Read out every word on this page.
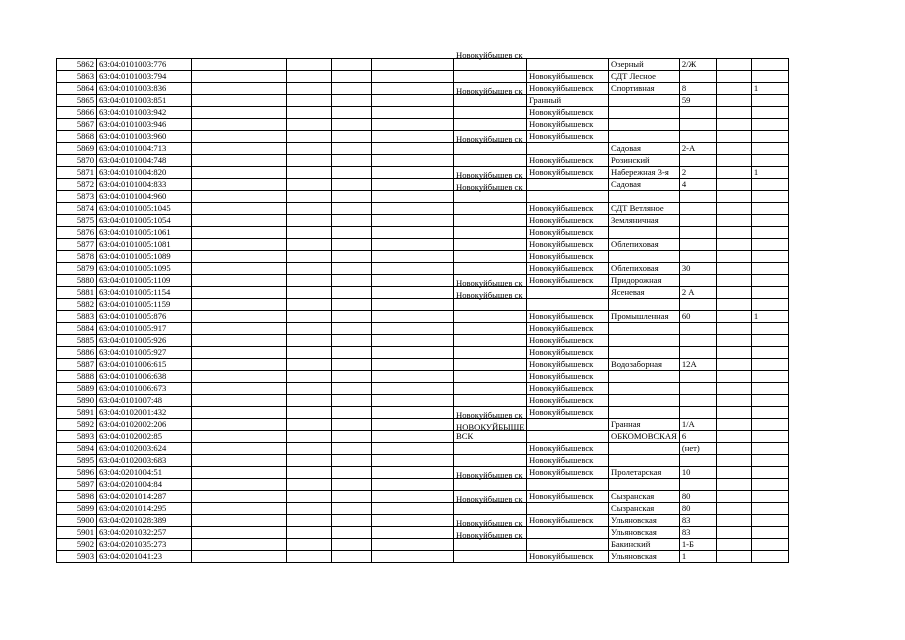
5862	63:04:0101003:776					Новокуйбышев ск		Озерный	2/Ж		
5863	63:04:0101003:794						Новокуйбышевск	СДТ Лесное			
5864	63:04:0101003:836						Новокуйбышевск	Спортивная	8		1
5865	63:04:0101003:851					Новокуйбышев ск	Гранный		59		
5866	63:04:0101003:942						Новокуйбышевск				
5867	63:04:0101003:946						Новокуйбышевск				
5868	63:04:0101003:960						Новокуйбышевск				
5869	63:04:0101004:713					Новокуйбышев ск		Садовая	2-А		
5870	63:04:0101004:748						Новокуйбышевск	Розинский			
5871	63:04:0101004:820						Новокуйбышевск	Набережная 3-я	2		1
5872	63:04:0101004:833					Новокуйбышев ск		Садовая	4		
5873	63:04:0101004:960					Новокуйбышев ск					

5874	63:04:0101005:1045						Новокуйбышевск	СДТ Ветляное			
5875	63:04:0101005:1054						Новокуйбышевск	Земляничная			
5876	63:04:0101005:1061						Новокуйбышевск				
5877	63:04:0101005:1081						Новокуйбышевск	Облепиховая			
5878	63:04:0101005:1089						Новокуйбышевск				
5879	63:04:0101005:1095						Новокуйбышевск	Облепиховая	30		
5880	63:04:0101005:1109						Новокуйбышевск	Придорожная			
5881	63:04:0101005:1154					Новокуйбышев ск		Ясеневая	2 А		
5882	63:04:0101005:1159					Новокуйбышев ск					

5883	63:04:0101005:876						Новокуйбышевск	Промышленная	60		1
5884	63:04:0101005:917						Новокуйбышевск				
5885	63:04:0101005:926						Новокуйбышевск				
5886	63:04:0101005:927						Новокуйбышевск				
5887	63:04:0101006:615						Новокуйбышевск	Водозаборная	12А		
5888	63:04:0101006:638						Новокуйбышевск				
5889	63:04:0101006:673						Новокуйбышевск				
5890	63:04:0101007:48						Новокуйбышевск				
5891	63:04:0102001:432						Новокуйбышевск				
5892	63:04:0102002:206					Новокуйбышев ск		Гранная	1/А		
5893	63:04:0102002:85					НОВОКУЙБЫШЕ ВСК		ОБКОМОВСКАЯ	6		
5894	63:04:0102003:624						Новокуйбышевск		(нет)		
5895	63:04:0102003:683						Новокуйбышевск				
5896	63:04:0201004:51						Новокуйбышевск	Пролетарская	10		
5897	63:04:0201004:84					Новокуйбышев ск					

5898	63:04:0201014:287						Новокуйбышевск	Сызранская	80		
5899	63:04:0201014:295					Новокуйбышев ск		Сызранская	80		
5900	63:04:0201028:389						Новокуйбышевск	Ульяновская	83		
5901	63:04:0201032:257					Новокуйбышев ск		Ульяновская	83		
5902	63:04:0201035:273					Новокуйбышев ск		Бакинский	1-Б		
5903	63:04:0201041:23						Новокуйбышевск	Ульяновская	1		
